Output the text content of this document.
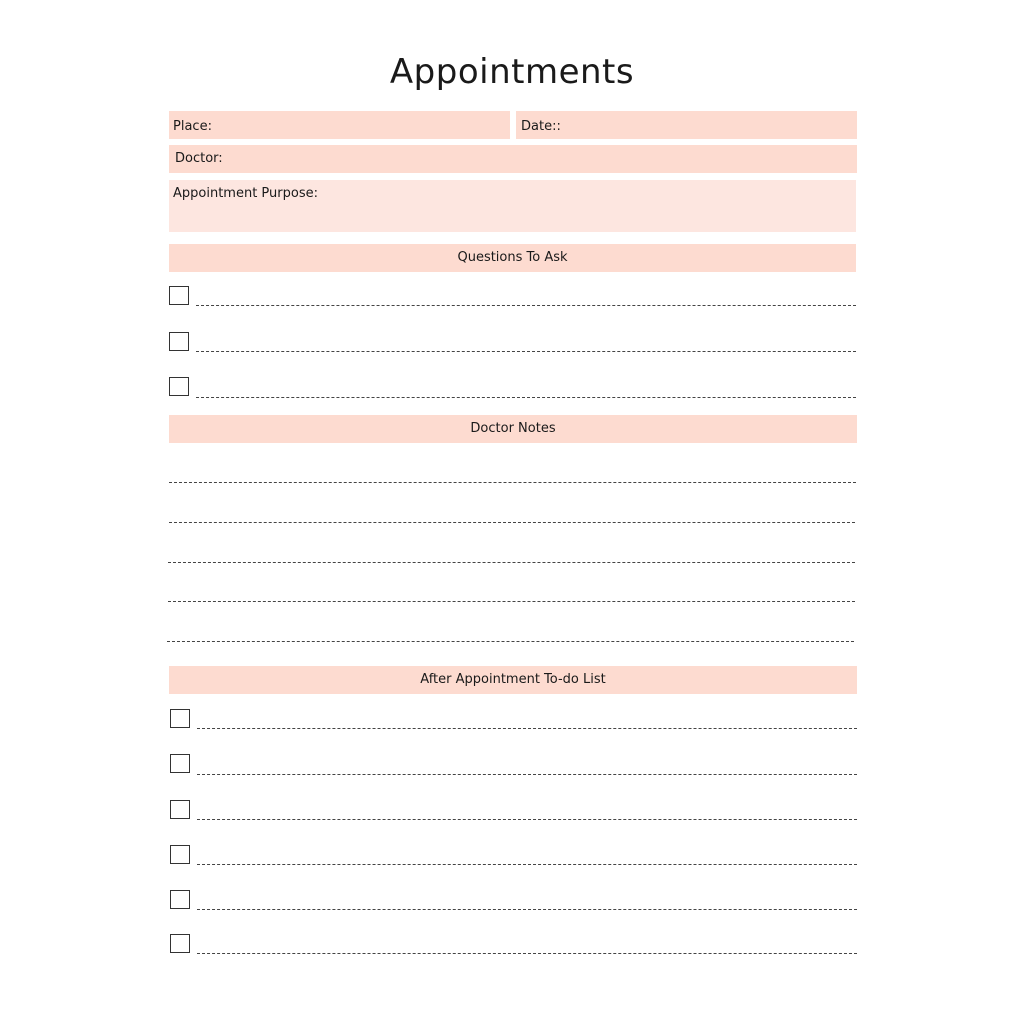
Appointments
Place:	Date::
Doctor:
Appointment Purpose:
Questions To Ask
Doctor Notes
After Appointment To-do List
